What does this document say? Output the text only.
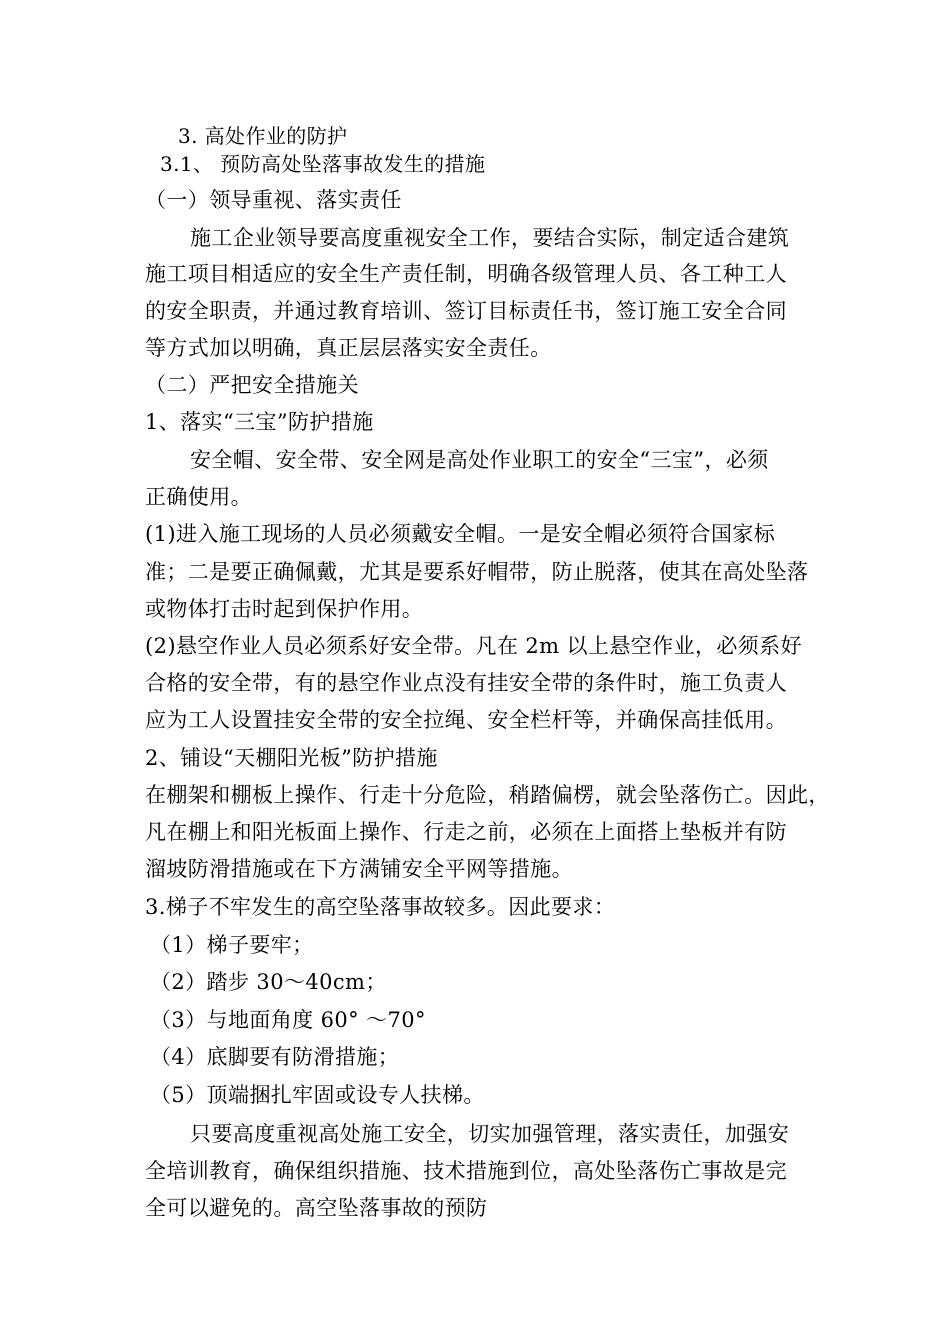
3. 高处作业的防护
3.1、 预防高处坠落事故发生的措施
（一）领导重视、落实责任
施工企业领导要高度重视安全工作，要结合实际，制定适合建筑
施工项目相适应的安全生产责任制，明确各级管理人员、各工种工人
的安全职责，并通过教育培训、签订目标责任书，签订施工安全合同
等方式加以明确，真正层层落实安全责任。
（二）严把安全措施关
1、落实“三宝”防护措施
安全帽、安全带、安全网是高处作业职工的安全“三宝”，必须
正确使用。
(1)进入施工现场的人员必须戴安全帽。一是安全帽必须符合国家标
准；二是要正确佩戴，尤其是要系好帽带，防止脱落，使其在高处坠落
或物体打击时起到保护作用。
(2)悬空作业人员必须系好安全带。凡在 2m 以上悬空作业，必须系好
合格的安全带，有的悬空作业点没有挂安全带的条件时，施工负责人
应为工人设置挂安全带的安全拉绳、安全栏杆等，并确保高挂低用。
2、铺设“天棚阳光板”防护措施
在棚架和棚板上操作、行走十分危险，稍踏偏楞，就会坠落伤亡。因此，
凡在棚上和阳光板面上操作、行走之前，必须在上面搭上垫板并有防
溜坡防滑措施或在下方满铺安全平网等措施。
3.梯子不牢发生的高空坠落事故较多。因此要求：
（1）梯子要牢；
（2）踏步 30～40cm；
（3）与地面角度 60° ～70°
（4）底脚要有防滑措施；
（5）顶端捆扎牢固或设专人扶梯。
只要高度重视高处施工安全，切实加强管理，落实责任，加强安
全培训教育，确保组织措施、技术措施到位，高处坠落伤亡事故是完
全可以避免的。高空坠落事故的预防
